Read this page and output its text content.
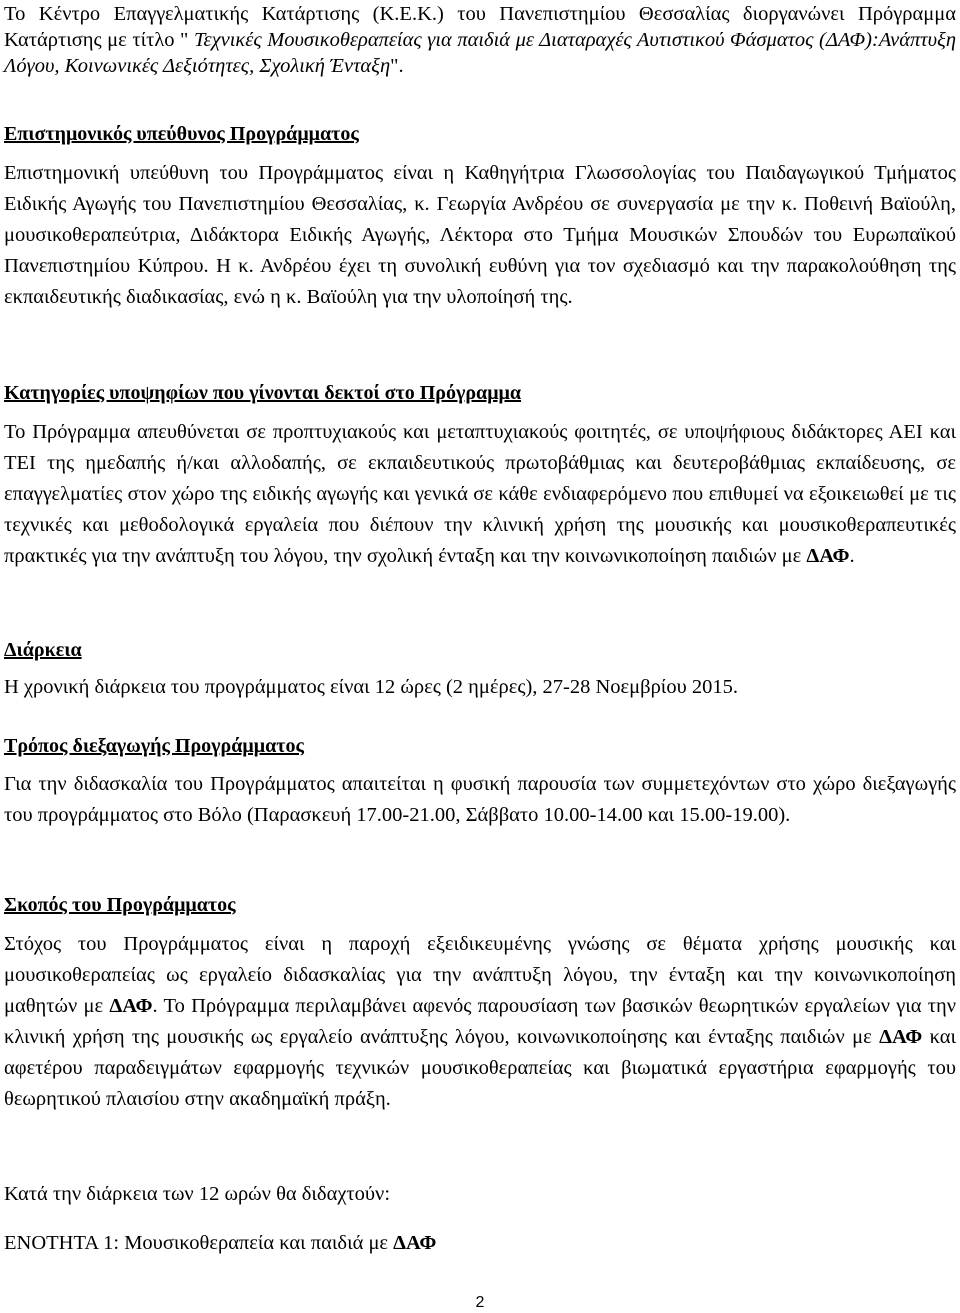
Το Κέντρο Επαγγελματικής Κατάρτισης (Κ.Ε.Κ.) του Πανεπιστημίου Θεσσαλίας διοργανώνει Πρόγραμμα Κατάρτισης με τίτλο " Τεχνικές Μουσικοθεραπείας για παιδιά με Διαταραχές Αυτιστικού Φάσματος (ΔΑΦ):Ανάπτυξη Λόγου, Κοινωνικές Δεξιότητες, Σχολική Ένταξη".

Επιστημονικός υπεύθυνος Προγράμματος

Επιστημονική υπεύθυνη του Προγράμματος είναι η Καθηγήτρια Γλωσσολογίας του Παιδαγωγικού Τμήματος Ειδικής Αγωγής του Πανεπιστημίου Θεσσαλίας, κ. Γεωργία Ανδρέου σε συνεργασία με την κ. Ποθεινή Βαϊούλη, μουσικοθεραπεύτρια, Διδάκτορα Ειδικής Αγωγής, Λέκτορα στο Τμήμα Μουσικών Σπουδών του Ευρωπαϊκού Πανεπιστημίου Κύπρου. Η κ. Ανδρέου έχει τη συνολική ευθύνη για τον σχεδιασμό και την παρακολούθηση της εκπαιδευτικής διαδικασίας, ενώ η κ. Βαϊούλη για την υλοποίησή της.

Κατηγορίες υποψηφίων που γίνονται δεκτοί στο Πρόγραμμα

Το Πρόγραμμα απευθύνεται σε προπτυχιακούς και μεταπτυχιακούς φοιτητές, σε υποψήφιους διδάκτορες ΑΕΙ και ΤΕΙ της ημεδαπής ή/και αλλοδαπής, σε εκπαιδευτικούς πρωτοβάθμιας και δευτεροβάθμιας εκπαίδευσης, σε επαγγελματίες στον χώρο της ειδικής αγωγής και γενικά σε κάθε ενδιαφερόμενο που επιθυμεί να εξοικειωθεί με τις τεχνικές και μεθοδολογικά εργαλεία που διέπουν την κλινική χρήση της μουσικής και μουσικοθεραπευτικές πρακτικές για την ανάπτυξη του λόγου, την σχολική ένταξη και την κοινωνικοποίηση παιδιών με ΔΑΦ.

Διάρκεια

Η χρονική διάρκεια του προγράμματος είναι 12 ώρες (2 ημέρες), 27-28 Νοεμβρίου 2015.

Τρόπος διεξαγωγής Προγράμματος

Για την διδασκαλία του Προγράμματος απαιτείται η φυσική παρουσία των συμμετεχόντων στο χώρο διεξαγωγής του προγράμματος στο Βόλο (Παρασκευή 17.00-21.00, Σάββατο 10.00-14.00 και 15.00-19.00).

Σκοπός του Προγράμματος

Στόχος του Προγράμματος είναι η παροχή εξειδικευμένης γνώσης σε θέματα χρήσης μουσικής και μουσικοθεραπείας ως εργαλείο διδασκαλίας για την ανάπτυξη λόγου, την ένταξη και την κοινωνικοποίηση μαθητών με ΔΑΦ. Το Πρόγραμμα περιλαμβάνει αφενός παρουσίαση των βασικών θεωρητικών εργαλείων για την κλινική χρήση της μουσικής ως εργαλείο ανάπτυξης λόγου, κοινωνικοποίησης και ένταξης παιδιών με ΔΑΦ και αφετέρου παραδειγμάτων εφαρμογής τεχνικών μουσικοθεραπείας και βιωματικά εργαστήρια εφαρμογής του θεωρητικού πλαισίου στην ακαδημαϊκή πράξη.

Κατά την διάρκεια των 12 ωρών θα διδαχτούν:

ΕΝΟΤΗΤΑ 1: Μουσικοθεραπεία και παιδιά με ΔΑΦ

2
